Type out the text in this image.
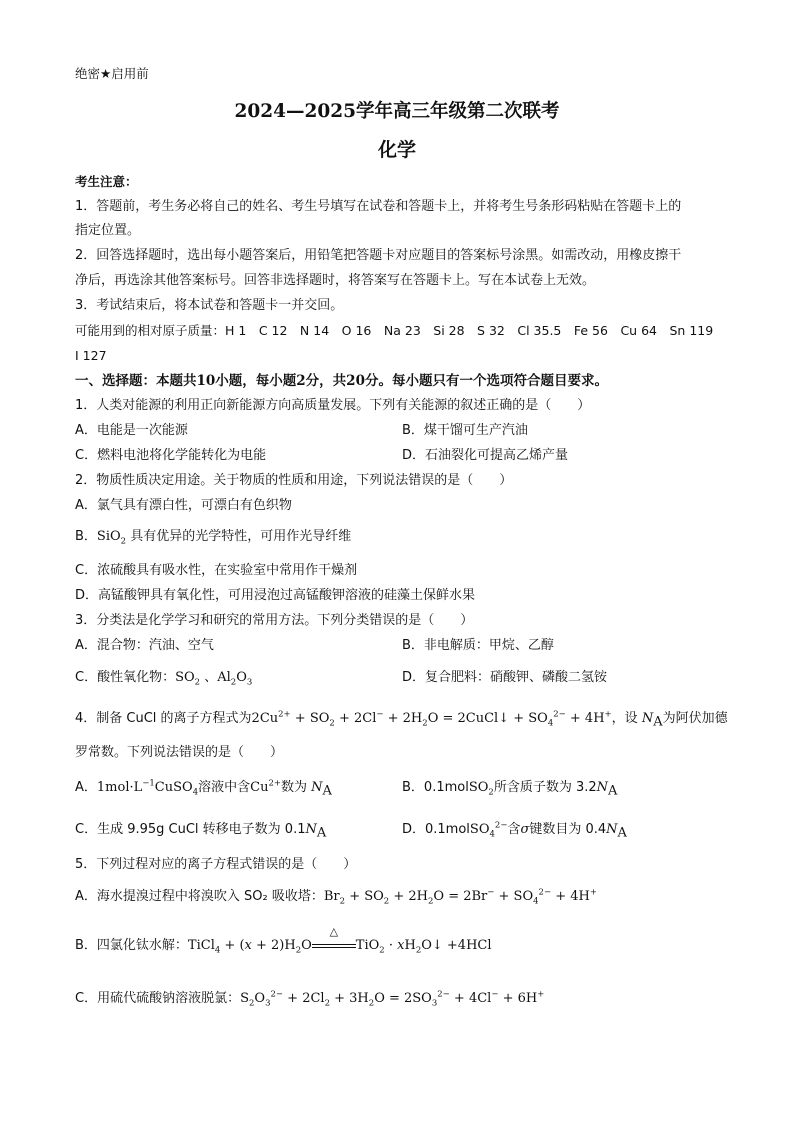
绝密★启用前
2024—2025学年高三年级第二次联考
化学
考生注意：
1．答题前，考生务必将自己的姓名、考生号填写在试卷和答题卡上，并将考生号条形码粘贴在答题卡上的
指定位置。
2．回答选择题时，选出每小题答案后，用铅笔把答题卡对应题目的答案标号涂黑。如需改动，用橡皮擦干
净后，再选涂其他答案标号。回答非选择题时，将答案写在答题卡上。写在本试卷上无效。
3．考试结束后，将本试卷和答题卡一并交回。
可能用到的相对原子质量：H 1　C 12　N 14　O 16　Na 23　Si 28　S 32　Cl 35.5　Fe 56　Cu 64　Sn 119
I 127
一、选择题：本题共10小题，每小题2分，共20分。每小题只有一个选项符合题目要求。
1．人类对能源的利用正向新能源方向高质量发展。下列有关能源的叙述正确的是（　　）
A．电能是一次能源	B．煤干馏可生产汽油
C．燃料电池将化学能转化为电能	D．石油裂化可提高乙烯产量
2．物质性质决定用途。关于物质的性质和用途，下列说法错误的是（　　）
A．氯气具有漂白性，可漂白有色织物
B．SiO$_2$ 具有优异的光学特性，可用作光导纤维
C．浓硫酸具有吸水性，在实验室中常用作干燥剂
D．高锰酸钾具有氧化性，可用浸泡过高锰酸钾溶液的硅藻土保鲜水果
3．分类法是化学学习和研究的常用方法。下列分类错误的是（　　）
A．混合物：汽油、空气	B．非电解质：甲烷、乙醇
C．酸性氧化物：$SO_2$ 、$Al_2O_3$	D．复合肥料：硝酸钾、磷酸二氢铵
4．制备 CuCl 的离子方程式为$2Cu^{2+} + SO_2 + 2Cl^- + 2H_2O$ = 2CuCl↓ + $SO_4^{2-} + 4H^+$，设 $N_A$为阿伏加德
罗常数。下列说法错误的是（　　）
A．$1mol\cdot L^{-1}CuSO_4$溶液中含$Cu^{2+}$数为 $N_A$	B．0.1molSO$_2$所含质子数为 $3.2N_A$
C．生成 9.95g CuCl 转移电子数为 $0.1N_A$	D．0.1molSO$_4^{2-}$含σ键数目为 $0.4N_A$
5．下列过程对应的离子方程式错误的是（　　）
A．海水提溴过程中将溴吹入 SO₂ 吸收塔：$Br_2 + SO_2 + 2H_2O = 2Br^- + SO_4^{2-} + 4H^+$
B．四氯化钛水解：TiCl$_4$ + $(x + 2)H_2O$
△
$TiO_2 \cdot xH_2O↓ +4HCl$
C．用硫代硫酸钠溶液脱氯：$S_2O_3^{2-} + 2Cl_2 + 3H_2O = 2SO_3^{2-} + 4Cl^- + 6H^+$
